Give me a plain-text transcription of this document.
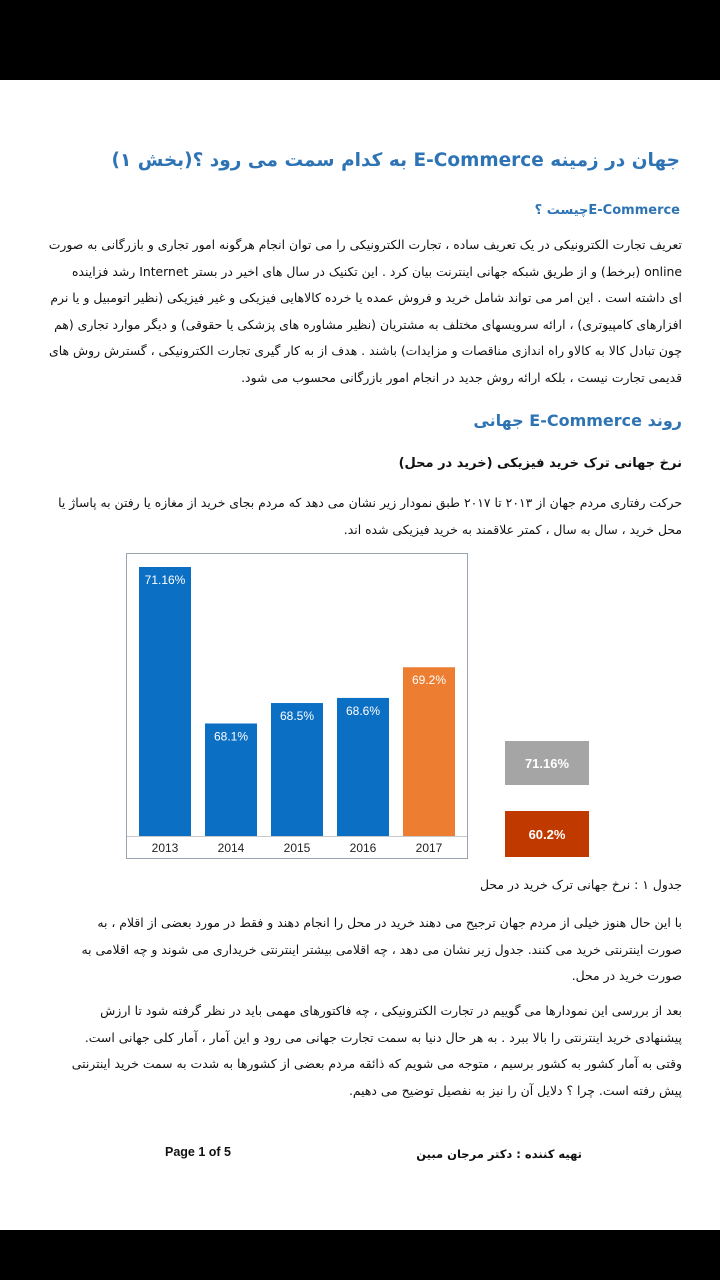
جهان در زمینه E-Commerce به کدام سمت می رود ؟(بخش ۱)
E-Commerceچیست ؟
تعریف تجارت الکترونیکی در یک تعریف ساده ، تجارت الکترونیکی را می توان انجام هرگونه امور تجاری و بازرگانی به صورت
online (برخط) و از طریق شبکه جهانی اینترنت بیان کرد . این تکنیک در سال های اخیر در بستر Internet رشد فزاینده
ای داشته است . این امر می تواند شامل خرید و فروش عمده یا خرده کالاهایی فیزیکی و غیر فیزیکی (نظیر اتومبیل و یا نرم
افزارهای کامپیوتری) ، ارائه سرویسهای مختلف به مشتریان (نظیر مشاوره های پزشکی یا حقوقی) و دیگر موارد تجاری (هم
چون تبادل کالا به کالاو راه اندازی مناقصات و مزایدات) باشند . هدف از به کار گیری تجارت الکترونیکی ، گسترش روش های
قدیمی تجارت نیست ، بلکه ارائه روش جدید در انجام امور بازرگانی محسوب می شود.
روند E-Commerce جهانی
نرخ جهانی ترک خرید فیزیکی (خرید در محل)
حرکت رفتاری مردم جهان از ۲۰۱۳ تا ۲۰۱۷ طبق نمودار زیر نشان می دهد که مردم بجای خرید از مغازه یا رفتن به پاساژ یا
محل خرید ، سال به سال ، کمتر علاقمند به خرید فیزیکی شده اند.
71.16%
2013
68.1%
2014
68.5%
2015
68.6%
2016
69.2%
2017
71.16%
60.2%
جدول ۱ : نرخ جهانی ترک خرید در محل
با این حال هنوز خیلی از مردم جهان ترجیح می دهند خرید در محل را انجام دهند و فقط در مورد بعضی از اقلام ، به
صورت اینترنتی خرید می کنند. جدول زیر نشان می دهد ، چه اقلامی بیشتر اینترنتی خریداری می شوند و چه اقلامی به
صورت خرید در محل.
بعد از بررسی این نمودارها می گوییم در تجارت الکترونیکی ، چه فاکتورهای مهمی باید در نظر گرفته شود تا ارزش
پیشنهادی خرید اینترنتی را بالا ببرد . به هر حال دنیا به سمت تجارت جهانی می رود و این آمار ، آمار کلی جهانی است.
وقتی به آمار کشور به کشور برسیم ، متوجه می شویم که ذائقه مردم بعضی از کشورها به شدت به سمت خرید اینترنتی
پیش رفته است. چرا ؟ دلایل آن را نیز به نفصیل توضیح می دهیم.
Page 1 of 5	تهیه کننده : دکتر مرجان مبین
